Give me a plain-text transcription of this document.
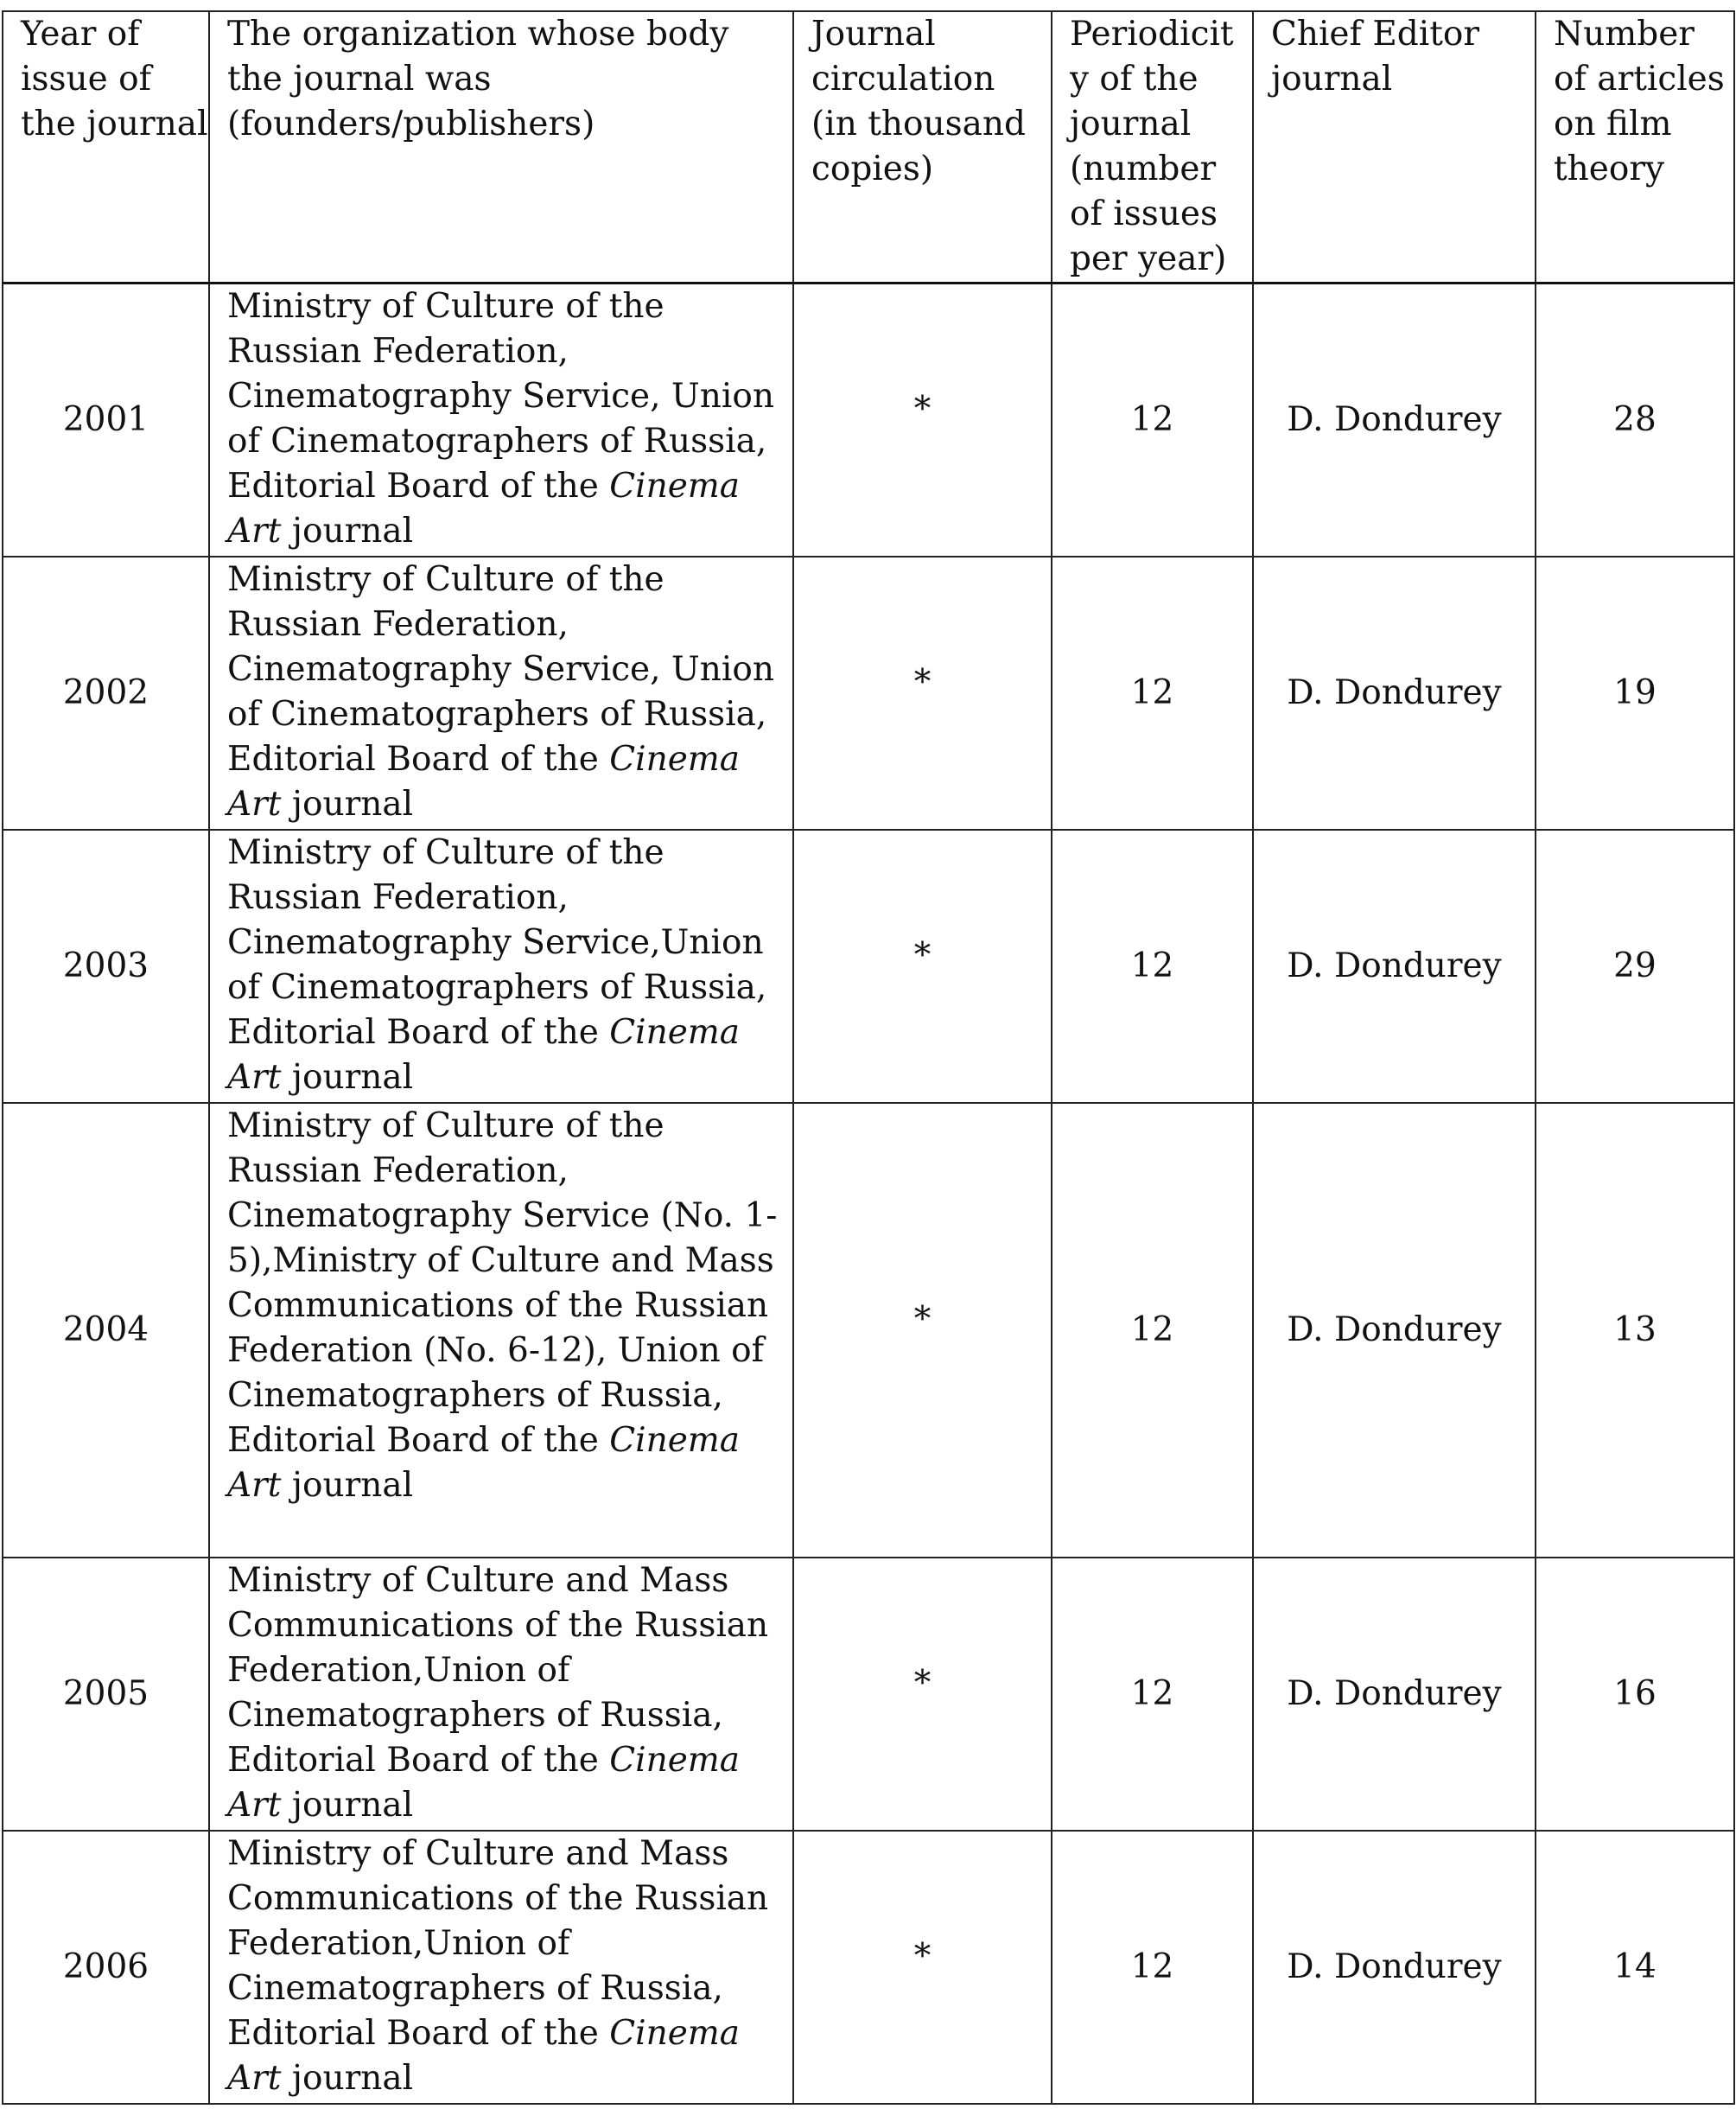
Year of issue of the journal	The organization whose body the journal was (founders/publishers)	Journal circulation (in thousand copies)	Periodicity of the journal (number of issues per year)	Chief Editor journal	Number of articles on film theory
2001	Ministry of Culture of the Russian Federation, Cinematography Service, Union of Cinematographers of Russia, Editorial Board of the Cinema Art journal	*	12	D. Dondurey	28
2002	Ministry of Culture of the Russian Federation, Cinematography Service, Union of Cinematographers of Russia, Editorial Board of the Cinema Art journal	*	12	D. Dondurey	19
2003	Ministry of Culture of the Russian Federation, Cinematography Service,Union of Cinematographers of Russia, Editorial Board of the Cinema Art journal	*	12	D. Dondurey	29
2004	Ministry of Culture of the Russian Federation, Cinematography Service (No. 1-5),Ministry of Culture and Mass Communications of the Russian Federation (No. 6-12), Union of Cinematographers of Russia, Editorial Board of the Cinema Art journal	*	12	D. Dondurey	13
2005	Ministry of Culture and Mass Communications of the Russian Federation,Union of Cinematographers of Russia, Editorial Board of the Cinema Art journal	*	12	D. Dondurey	16
2006	Ministry of Culture and Mass Communications of the Russian Federation,Union of Cinematographers of Russia, Editorial Board of the Cinema Art journal	*	12	D. Dondurey	14
